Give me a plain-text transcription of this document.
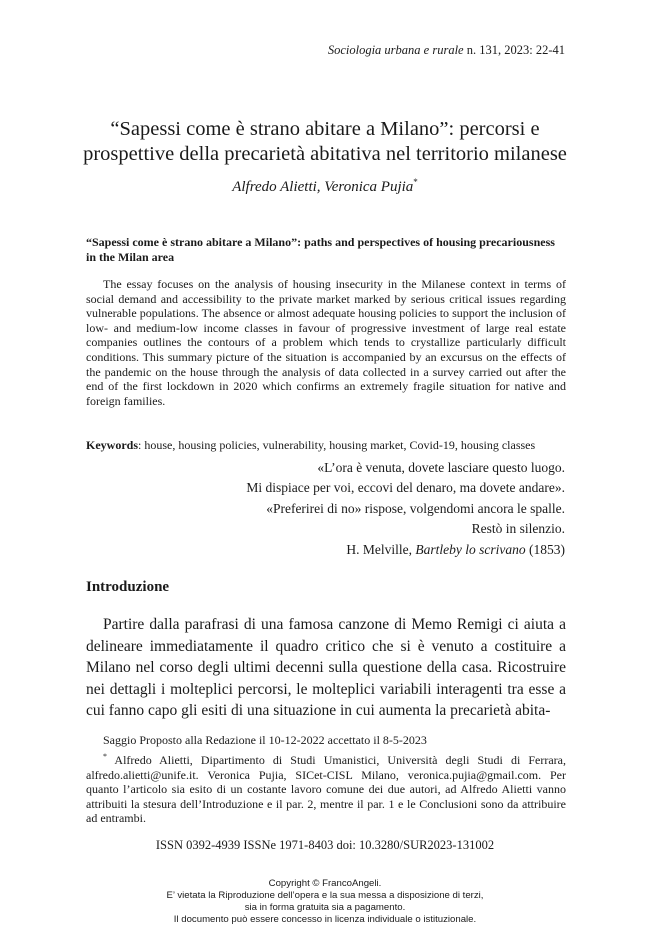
Sociologia urbana e rurale n. 131, 2023: 22-41
“Sapessi come è strano abitare a Milano”: percorsi e
prospettive della precarietà abitativa nel territorio milanese
Alfredo Alietti, Veronica Pujia*
“Sapessi come è strano abitare a Milano”: paths and perspectives of housing precariousness in the Milan area

The essay focuses on the analysis of housing insecurity in the Milanese context in terms of social demand and accessibility to the private market marked by serious critical issues regarding vulnerable populations. The absence or almost adequate housing policies to support the inclusion of low- and medium-low income classes in favour of progressive investment of large real estate companies outlines the contours of a problem which tends to crystallize particularly difficult conditions. This summary picture of the situation is accompanied by an excursus on the effects of the pandemic on the house through the analysis of data collected in a survey carried out after the end of the first lockdown in 2020 which confirms an extremely fragile situation for native and foreign families.

Keywords: house, housing policies, vulnerability, housing market, Covid-19, housing classes
«L’ora è venuta, dovete lasciare questo luogo.
Mi dispiace per voi, eccovi del denaro, ma dovete andare».
«Preferirei di no» rispose, volgendomi ancora le spalle.
Restò in silenzio.
H. Melville, Bartleby lo scrivano (1853)
Introduzione

Partire dalla parafrasi di una famosa canzone di Memo Remigi ci aiuta a delineare immediatamente il quadro critico che si è venuto a costituire a Milano nel corso degli ultimi decenni sulla questione della casa. Ricostruire nei dettagli i molteplici percorsi, le molteplici variabili interagenti tra esse a cui fanno capo gli esiti di una situazione in cui aumenta la precarietà abita-

Saggio Proposto alla Redazione il 10-12-2022 accettato il 8-5-2023

* Alfredo Alietti, Dipartimento di Studi Umanistici, Università degli Studi di Ferrara, alfredo.alietti@unife.it. Veronica Pujia, SICet-CISL Milano, veronica.pujia@gmail.com. Per quanto l’articolo sia esito di un costante lavoro comune dei due autori, ad Alfredo Alietti vanno attribuiti la stesura dell’Introduzione e il par. 2, mentre il par. 1 e le Conclusioni sono da attribuire ad entrambi.

ISSN 0392-4939 ISSNe 1971-8403 doi: 10.3280/SUR2023-131002
Copyright © FrancoAngeli.
E’ vietata la Riproduzione dell’opera e la sua messa a disposizione di terzi,
sia in forma gratuita sia a pagamento.
Il documento può essere concesso in licenza individuale o istituzionale.
